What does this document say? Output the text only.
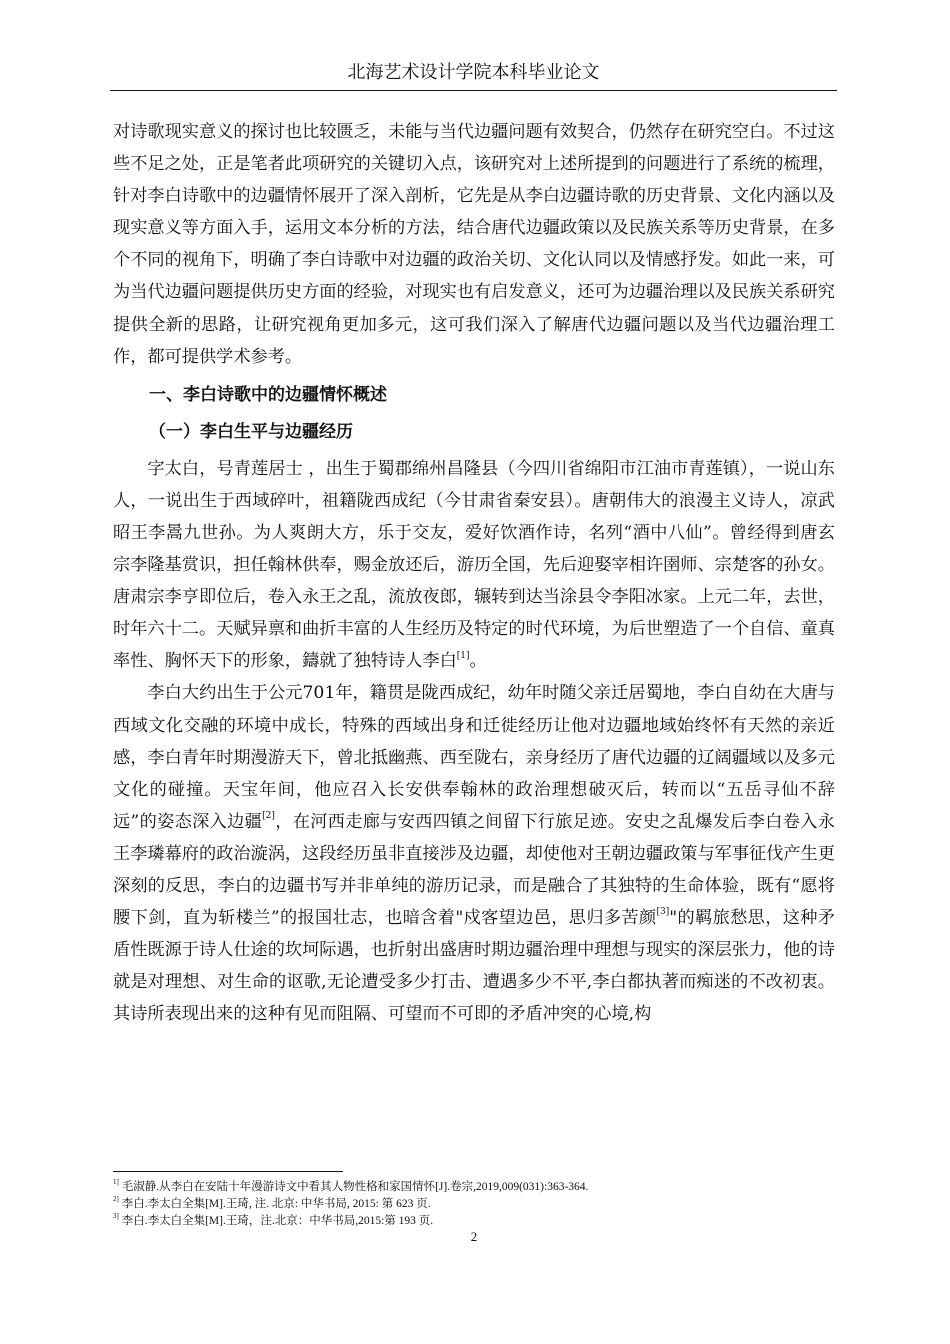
北海艺术设计学院本科毕业论文

对诗歌现实意义的探讨也比较匮乏，未能与当代边疆问题有效契合，仍然存在研究空白。不过这些不足之处，正是笔者此项研究的关键切入点，该研究对上述所提到的问题进行了系统的梳理，针对李白诗歌中的边疆情怀展开了深入剖析，它先是从李白边疆诗歌的历史背景、文化内涵以及现实意义等方面入手，运用文本分析的方法，结合唐代边疆政策以及民族关系等历史背景，在多个不同的视角下，明确了李白诗歌中对边疆的政治关切、文化认同以及情感抒发。如此一来，可为当代边疆问题提供历史方面的经验，对现实也有启发意义，还可为边疆治理以及民族关系研究提供全新的思路，让研究视角更加多元，这可我们深入了解唐代边疆问题以及当代边疆治理工作，都可提供学术参考。

一、李白诗歌中的边疆情怀概述

（一）李白生平与边疆经历

字太白，号青莲居士 ，出生于蜀郡绵州昌隆县（今四川省绵阳市江油市青莲镇），一说山东人，一说出生于西域碎叶，祖籍陇西成纪（今甘肃省秦安县）。唐朝伟大的浪漫主义诗人，凉武昭王李暠九世孙。为人爽朗大方，乐于交友，爱好饮酒作诗，名列“酒中八仙”。曾经得到唐玄宗李隆基赏识，担任翰林供奉，赐金放还后，游历全国，先后迎娶宰相许圉师、宗楚客的孙女。唐肃宗李亨即位后，卷入永王之乱，流放夜郎，辗转到达当涂县令李阳冰家。上元二年，去世，时年六十二。天赋异禀和曲折丰富的人生经历及特定的时代环境，为后世塑造了一个自信、童真率性、胸怀天下的形象，鑄就了独特诗人李白[1]。

李白大约出生于公元701年，籍贯是陇西成纪，幼年时随父亲迁居蜀地，李白自幼在大唐与西域文化交融的环境中成长，特殊的西域出身和迁徙经历让他对边疆地域始终怀有天然的亲近感，李白青年时期漫游天下，曾北抵幽燕、西至陇右，亲身经历了唐代边疆的辽阔疆域以及多元文化的碰撞。天宝年间，他应召入长安供奉翰林的政治理想破灭后，转而以“五岳寻仙不辞远”的姿态深入边疆[2]，在河西走廊与安西四镇之间留下行旅足迹。安史之乱爆发后李白卷入永王李璘幕府的政治漩涡，这段经历虽非直接涉及边疆，却使他对王朝边疆政策与军事征伐产生更深刻的反思，李白的边疆书写并非单纯的游历记录，而是融合了其独特的生命体验，既有“愿将腰下剑，直为斩楼兰”的报国壮志，也暗含着"戍客望边邑，思归多苦颜[3]"的羁旅愁思，这种矛盾性既源于诗人仕途的坎坷际遇，也折射出盛唐时期边疆治理中理想与现实的深层张力，他的诗就是对理想、对生命的讴歌,无论遭受多少打击、遭遇多少不平,李白都执著而痴迷的不改初衷。其诗所表现出来的这种有见而阻隔、可望而不可即的矛盾冲突的心境,构

$^{1]}$ 毛淑静.从李白在安陆十年漫游诗文中看其人物性格和家国情怀[J].卷宗,2019,009(031):363-364.

$^{2]}$ 李白.李太白全集[M].王琦, 注. 北京: 中华书局, 2015: 第 623 页.

$^{3]}$ 李白.李太白全集[M].王琦，注.北京：中华书局,2015:第 193 页.

2
